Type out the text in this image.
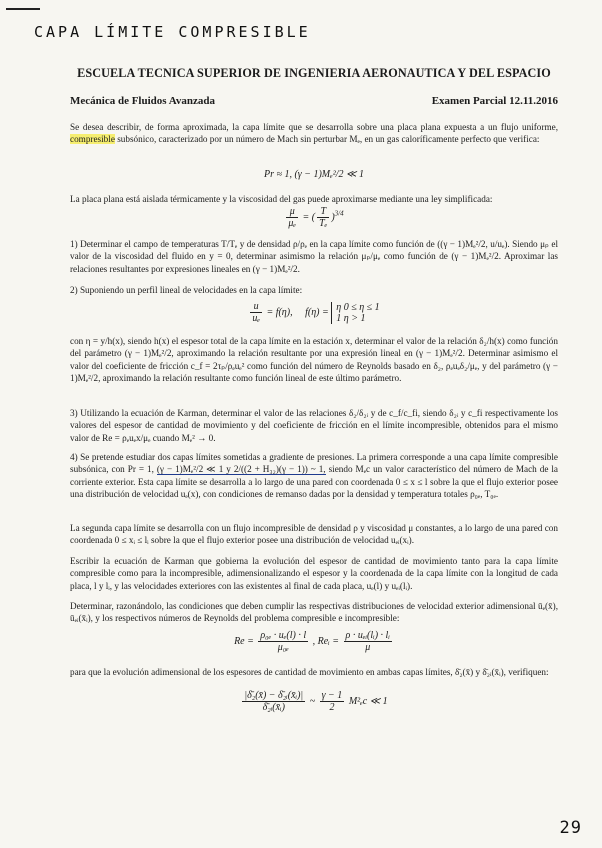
CAPA LÍMITE COMPRESIBLE
ESCUELA TECNICA SUPERIOR DE INGENIERIA AERONAUTICA Y DEL ESPACIO
Mecánica de Fluidos Avanzada	Examen Parcial 12.11.2016

Se desea describir, de forma aproximada, la capa límite que se desarrolla sobre una placa plana expuesta a un flujo uniforme, compresible subsónico, caracterizado por un número de Mach sin perturbar Mₑ, en un gas caloríficamente perfecto que verifica:

Pr ≈ 1, (γ − 1)Mₑ²/2 ≪ 1

La placa plana está aislada térmicamente y la viscosidad del gas puede aproximarse mediante una ley simplificada:

$\frac{\mu}{\text{μₑ}}$ = ( $\frac{T}{\text{Tₑ}} )^{3/4}$

1) Determinar el campo de temperaturas T/Tₑ y de densidad ρ/ρₑ en la capa límite como función de ((γ − 1)Mₑ²/2, u/uₑ). Siendo μₚ el valor de la viscosidad del fluido en y = 0, determinar asimismo la relación μₚ/μₑ como función de (γ − 1)Mₑ²/2. Aproximar las relaciones resultantes por expresiones lineales en (γ − 1)Mₑ²/2.

2) Suponiendo un perfil lineal de velocidades en la capa límite:

$\frac{u}{\text{uₑ}} = f(\eta)$, f(η) = η 0 ≤ η ≤ 1
1 η > 1

con η = y/h(x), siendo h(x) el espesor total de la capa límite en la estación x, determinar el valor de la relación δ₂/h(x) como función del parámetro (γ − 1)Mₑ²/2, aproximando la relación resultante por una expresión lineal en (γ − 1)Mₑ²/2. Determinar asimismo el valor del coeficiente de fricción c_f = 2τₚ/ρₑuₑ² como función del número de Reynolds basado en δ₂, ρₑuₑδ₂/μₑ, y del parámetro (γ − 1)Mₑ²/2, aproximando la relación resultante como función lineal de este último parámetro.

3) Utilizando la ecuación de Karman, determinar el valor de las relaciones δ₂/δ₂ᵢ y de c_f/c_fi, siendo δ₂ᵢ y c_fi respectivamente los valores del espesor de cantidad de movimiento y del coeficiente de fricción en el límite incompresible, obtenidos para el mismo valor de Re = ρₑuₑx/μₑ cuando Mₑ² → 0.

4) Se pretende estudiar dos capas límites sometidas a gradiente de presiones. La primera corresponde a una capa límite compresible subsónica, con Pr = 1, (γ − 1)Mₑ²/2 ≪ 1 y 2/((2 + H₃₂)(γ − 1)) ~ 1, siendo Mₑc un valor característico del número de Mach de la corriente exterior. Esta capa límite se desarrolla a lo largo de una pared con coordenada 0 ≤ x ≤ l sobre la que el flujo exterior posee una distribución de velocidad uₑ(x), con condiciones de remanso dadas por la densidad y temperatura totales ρ₀ₑ, T₀ₑ.

La segunda capa límite se desarrolla con un flujo incompresible de densidad ρ y viscosidad μ constantes, a lo largo de una pared con coordenada 0 ≤ xᵢ ≤ lᵢ sobre la que el flujo exterior posee una distribución de velocidad uₑᵢ(xᵢ).

Escribir la ecuación de Karman que gobierna la evolución del espesor de cantidad de movimiento tanto para la capa límite compresible como para la incompresible, adimensionalizando el espesor y la coordenada de la capa límite con la longitud de cada placa, l y lᵢ, y las velocidades exteriores con las existentes al final de cada placa, uₑ(l) y uₑᵢ(lᵢ).

Determinar, razonándolo, las condiciones que deben cumplir las respectivas distribuciones de velocidad exterior adimensional ūₑ(x̄), ūₑᵢ(x̄ᵢ), y los respectivos números de Reynolds del problema compresible e incompresible:

$Re = \frac{\text{ρ₀ₑ · uₑ(l) · l}}{\text{μ₀ₑ}}$ , Reᵢ = $\frac{\text{ρ · uₑᵢ(lᵢ) · lᵢ}}{\mu}$

para que la evolución adimensional de los espesores de cantidad de movimiento en ambas capas límites, δ̄₂(x̄) y δ̄₂ᵢ(x̄ᵢ), verifiquen:

$\frac{\text{|δ̄₂(x̄) − δ̄₂ᵢ(x̄ᵢ)|}}{\text{δ̄₂ᵢ(x̄ᵢ)}}$ ~ $\frac{\gamma - 1}{2} M^2_ec$ ≪ 1
29
